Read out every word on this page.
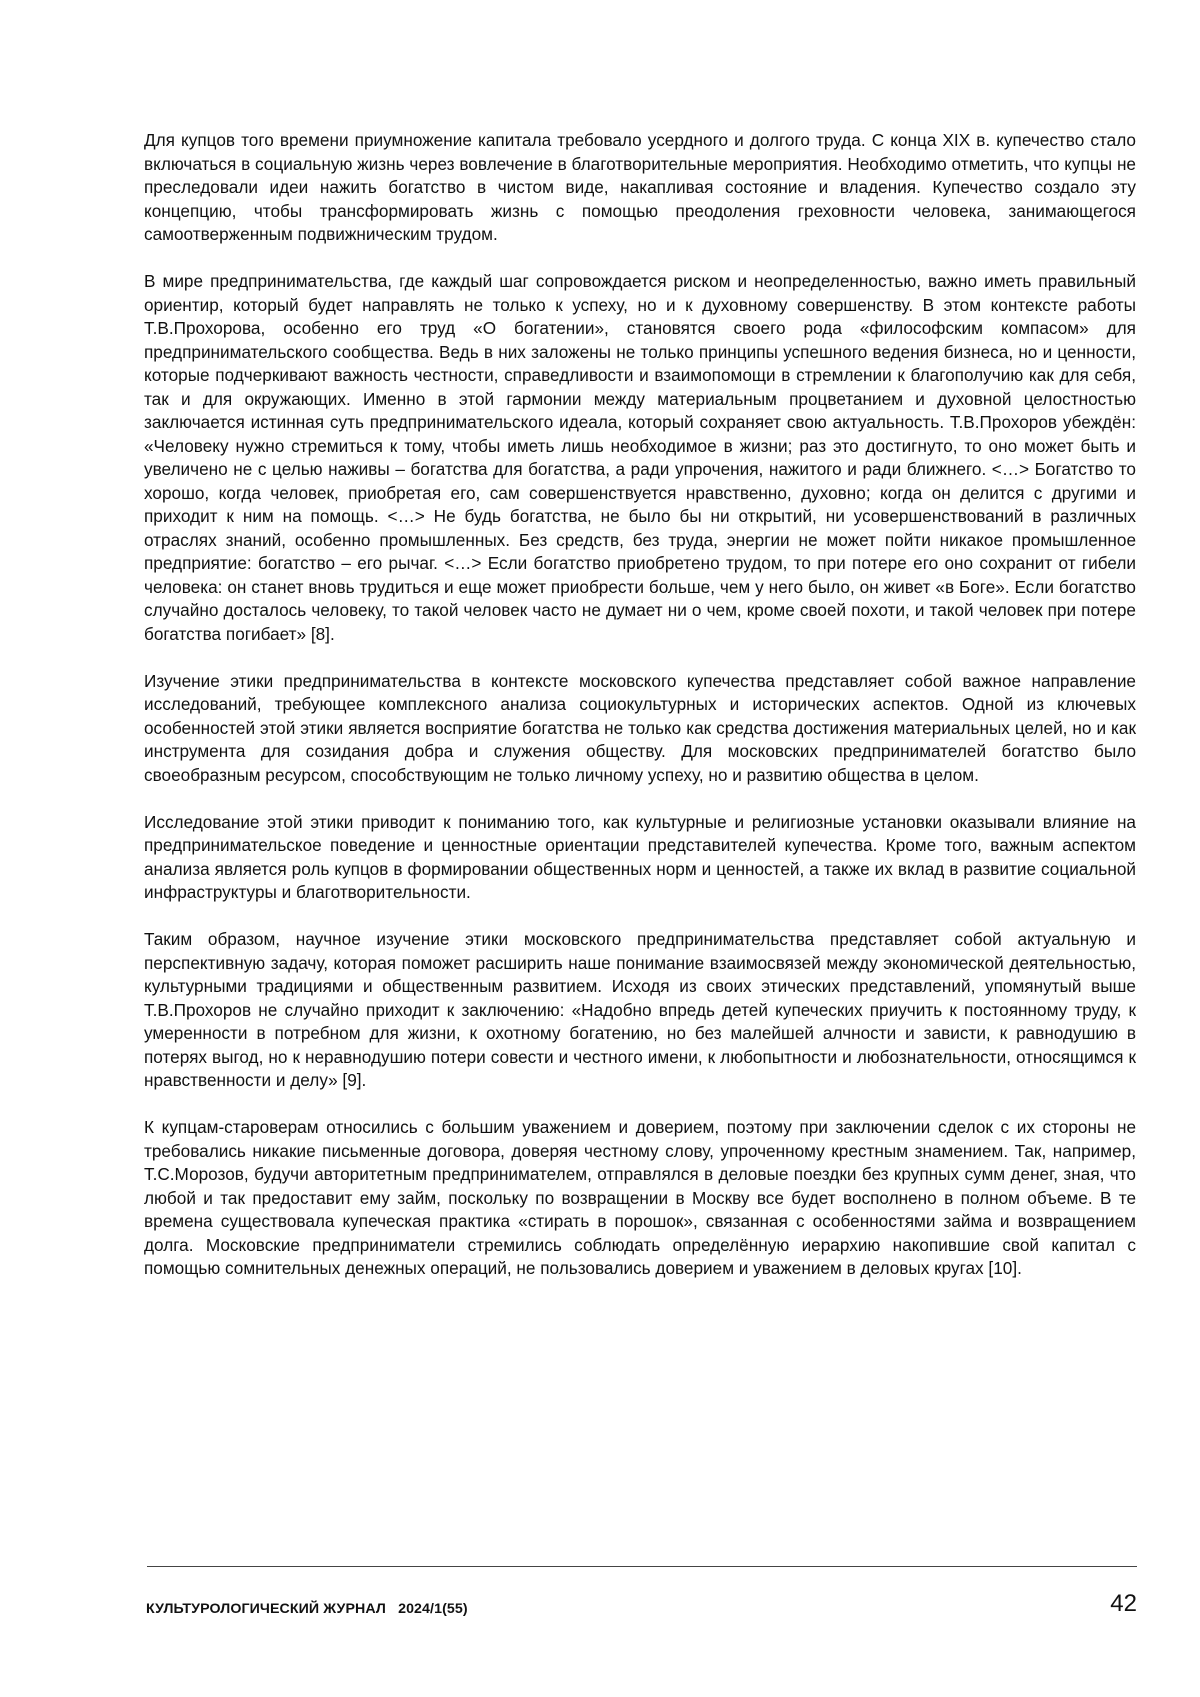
Для купцов того времени приумножение капитала требовало усердного и долгого труда. С конца XIX в. купечество стало включаться в социальную жизнь через вовлечение в благотворительные мероприятия. Необходимо отметить, что купцы не преследовали идеи нажить богатство в чистом виде, накапливая состояние и владения. Купечество создало эту концепцию, чтобы трансформировать жизнь с помощью преодоления греховности человека, занимающегося самоотверженным подвижническим трудом.

В мире предпринимательства, где каждый шаг сопровождается риском и неопределенностью, важно иметь правильный ориентир, который будет направлять не только к успеху, но и к духовному совершенству. В этом контексте работы Т.В.Прохорова, особенно его труд «О богатении», становятся своего рода «философским компасом» для предпринимательского сообщества. Ведь в них заложены не только принципы успешного ведения бизнеса, но и ценности, которые подчеркивают важность честности, справедливости и взаимопомощи в стремлении к благополучию как для себя, так и для окружающих. Именно в этой гармонии между материальным процветанием и духовной целостностью заключается истинная суть предпринимательского идеала, который сохраняет свою актуальность. Т.В.Прохоров убеждён: «Человеку нужно стремиться к тому, чтобы иметь лишь необходимое в жизни; раз это достигнуто, то оно может быть и увеличено не с целью наживы – богатства для богатства, а ради упрочения, нажитого и ради ближнего. <…> Богатство то хорошо, когда человек, приобретая его, сам совершенствуется нравственно, духовно; когда он делится с другими и приходит к ним на помощь. <…> Не будь богатства, не было бы ни открытий, ни усовершенствований в различных отраслях знаний, особенно промышленных. Без средств, без труда, энергии не может пойти никакое промышленное предприятие: богатство – его рычаг. <…> Если богатство приобретено трудом, то при потере его оно сохранит от гибели человека: он станет вновь трудиться и еще может приобрести больше, чем у него было, он живет «в Боге». Если богатство случайно досталось человеку, то такой человек часто не думает ни о чем, кроме своей похоти, и такой человек при потере богатства погибает» [8].

Изучение этики предпринимательства в контексте московского купечества представляет собой важное направление исследований, требующее комплексного анализа социокультурных и исторических аспектов. Одной из ключевых особенностей этой этики является восприятие богатства не только как средства достижения материальных целей, но и как инструмента для созидания добра и служения обществу. Для московских предпринимателей богатство было своеобразным ресурсом, способствующим не только личному успеху, но и развитию общества в целом.

Исследование этой этики приводит к пониманию того, как культурные и религиозные установки оказывали влияние на предпринимательское поведение и ценностные ориентации представителей купечества. Кроме того, важным аспектом анализа является роль купцов в формировании общественных норм и ценностей, а также их вклад в развитие социальной инфраструктуры и благотворительности.

Таким образом, научное изучение этики московского предпринимательства представляет собой актуальную и перспективную задачу, которая поможет расширить наше понимание взаимосвязей между экономической деятельностью, культурными традициями и общественным развитием. Исходя из своих этических представлений, упомянутый выше Т.В.Прохоров не случайно приходит к заключению: «Надобно впредь детей купеческих приучить к постоянному труду, к умеренности в потребном для жизни, к охотному богатению, но без малейшей алчности и зависти, к равнодушию в потерях выгод, но к неравнодушию потери совести и честного имени, к любопытности и любознательности, относящимся к нравственности и делу» [9].

К купцам-староверам относились с большим уважением и доверием, поэтому при заключении сделок с их стороны не требовались никакие письменные договора, доверяя честному слову, упроченному крестным знамением. Так, например, Т.С.Морозов, будучи авторитетным предпринимателем, отправлялся в деловые поездки без крупных сумм денег, зная, что любой и так предоставит ему займ, поскольку по возвращении в Москву все будет восполнено в полном объеме. В те времена существовала купеческая практика «стирать в порошок», связанная с особенностями займа и возвращением долга. Московские предприниматели стремились соблюдать определённую иерархию накопившие свой капитал с помощью сомнительных денежных операций, не пользовались доверием и уважением в деловых кругах [10].

КУЛЬТУРОЛОГИЧЕСКИЙ ЖУРНАЛ   2024/1(55)	42
